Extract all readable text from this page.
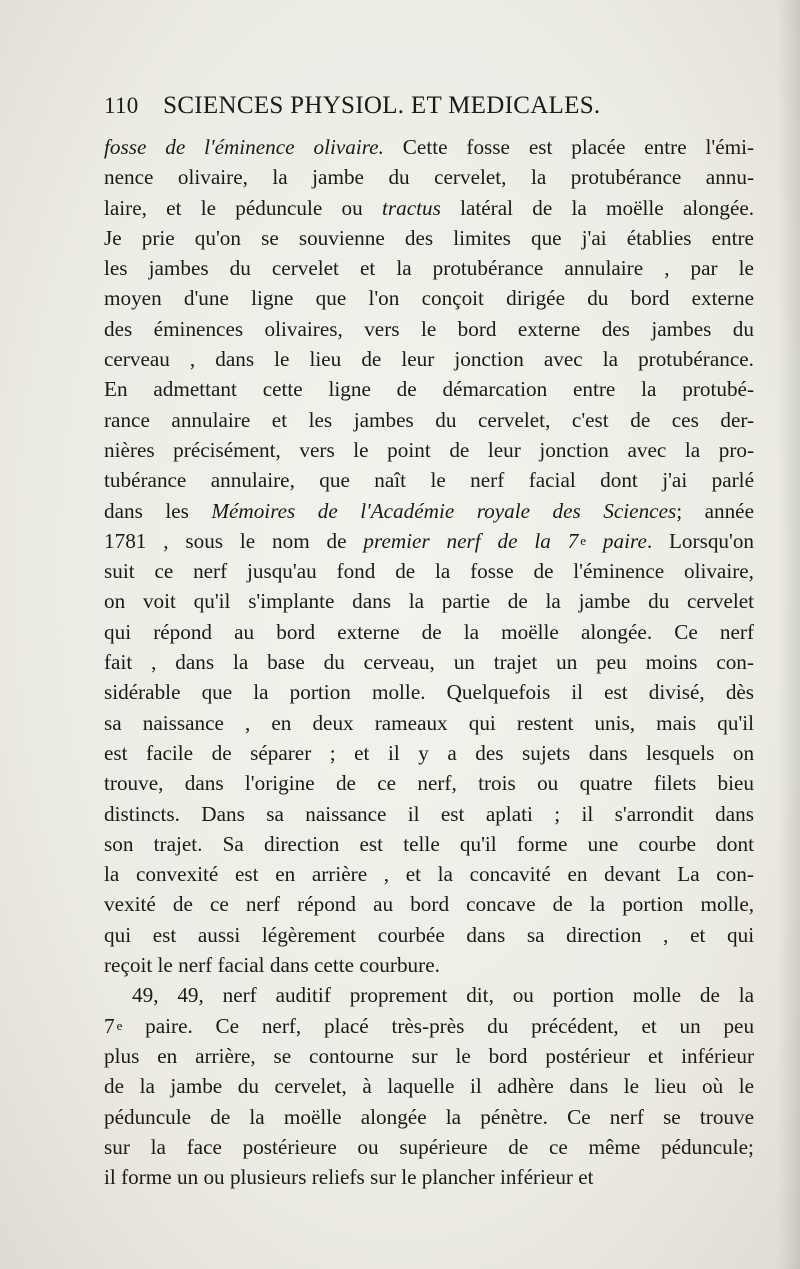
110 SCIENCES PHYSIOL. ET MEDICALES.
fosse de l'éminence olivaire. Cette fosse est placée entre l'émi-
nence olivaire, la jambe du cervelet, la protubérance annu-
laire, et le péduncule ou tractus latéral de la moëlle alongée.
Je prie qu'on se souvienne des limites que j'ai établies entre
les jambes du cervelet et la protubérance annulaire , par le
moyen d'une ligne que l'on conçoit dirigée du bord externe
des éminences olivaires, vers le bord externe des jambes du
cerveau , dans le lieu de leur jonction avec la protubérance.
En admettant cette ligne de démarcation entre la protubé-
rance annulaire et les jambes du cervelet, c'est de ces der-
nières précisément, vers le point de leur jonction avec la pro-
tubérance annulaire, que naît le nerf facial dont j'ai parlé
dans les Mémoires de l'Académie royale des Sciences ; année
1781 , sous le nom de premier nerf de la 7 e paire . Lorsqu'on
suit ce nerf jusqu'au fond de la fosse de l'éminence olivaire,
on voit qu'il s'implante dans la partie de la jambe du cervelet
qui répond au bord externe de la moëlle alongée. Ce nerf
fait , dans la base du cerveau, un trajet un peu moins con-
sidérable que la portion molle. Quelquefois il est divisé, dès
sa naissance , en deux rameaux qui restent unis, mais qu'il
est facile de séparer ; et il y a des sujets dans lesquels on
trouve, dans l'origine de ce nerf, trois ou quatre filets bieu
distincts. Dans sa naissance il est aplati ; il s'arrondit dans
son trajet. Sa direction est telle qu'il forme une courbe dont
la convexité est en arrière , et la concavité en devant La con-
vexité de ce nerf répond au bord concave de la portion molle,
qui est aussi légèrement courbée dans sa direction , et qui
reçoit
le
nerf
facial
dans
cette
courbure.
49, 49, nerf auditif proprement dit, ou portion molle de la
7 e paire. Ce nerf, placé très-près du précédent, et un peu
plus en arrière, se contourne sur le bord postérieur et inférieur
de la jambe du cervelet, à laquelle il adhère dans le lieu où le
péduncule de la moëlle alongée la pénètre. Ce nerf se trouve
sur la face postérieure ou supérieure de ce même péduncule;
il
forme
un
ou
plusieurs
reliefs
sur
le
plancher
inférieur
et
